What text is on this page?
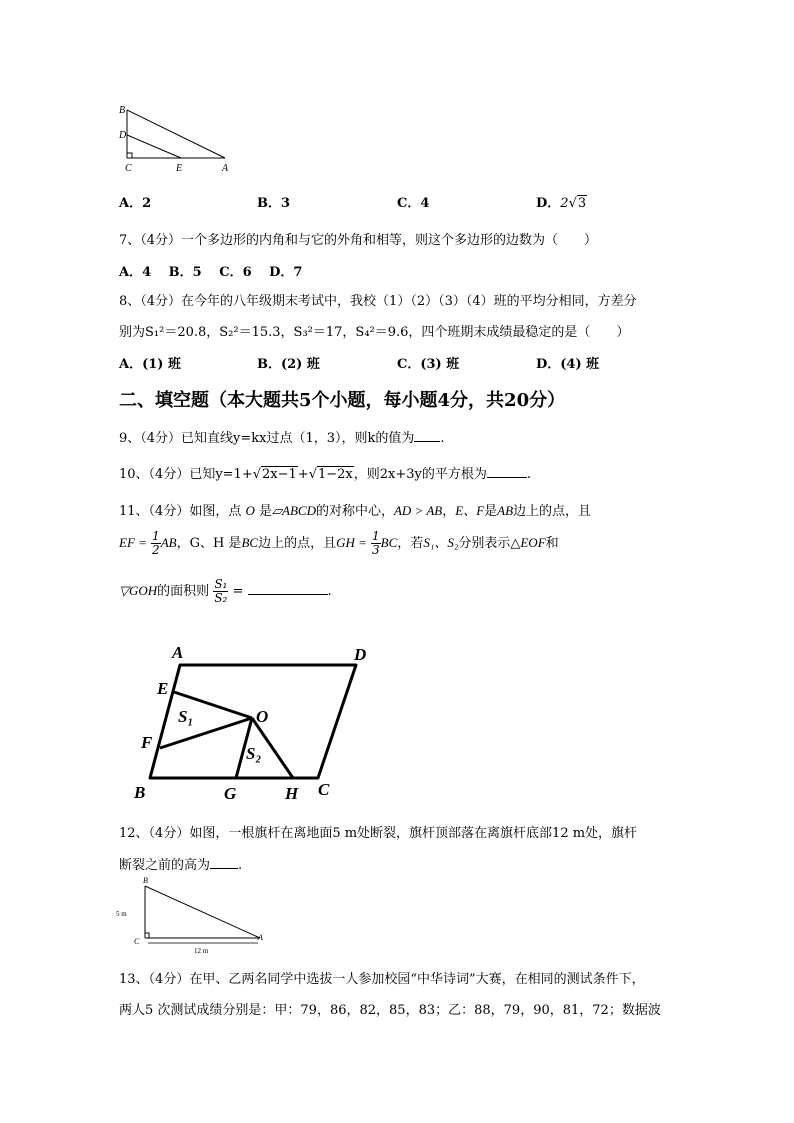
B
D
C	E	A
A．2	B．3	C．4	D．2√3
7、（4分）一个多边形的内角和与它的外角和相等，则这个多边形的边数为（　　）
A．4　 B．5　 C．6　 D．7
8、（4分）在今年的八年级期末考试中，我校（1）（2）（3）（4）班的平均分相同，方差分
别为S₁²＝20.8，S₂²＝15.3，S₃²＝17，S₄²＝9.6，四个班期末成绩最稳定的是（　　）
A．(1) 班	B．(2) 班	C．(3) 班	D．(4) 班
二、填空题（本大题共5个小题，每小题4分，共20分）
9、（4分）已知直线y=kx过点（1，3），则k的值为 .
10、（4分）已知y=1+√2x−1+√1−2x，则2x+3y的平方根为	.
11、（4分）如图，点 O 是▱ABCD的对称中心，AD > AB，E、F是AB边上的点，且
EF = $\frac{1}{2}$ AB，G、H 是BC边上的点，且GH = $\frac{1}{3}$ BC，若S₁、S₂分别表示△EOF和
▽GOH的面积则 $\frac{\text{S₁}}{\text{S₂}}$ =	.
A	D
E
S₁	O
F
S₂
B	G	H C
12、（4分）如图，一根旗杆在离地面5 m处断裂，旗杆顶部落在离旗杆底部12 m处，旗杆
断裂之前的高为 .
B
C	A
5 m
12 m
13、（4分）在甲、乙两名同学中选拔一人参加校园“中华诗词”大赛，在相同的测试条件下，
两人5 次测试成绩分别是：甲：79，86，82，85，83；乙：88，79，90，81，72；数据波
